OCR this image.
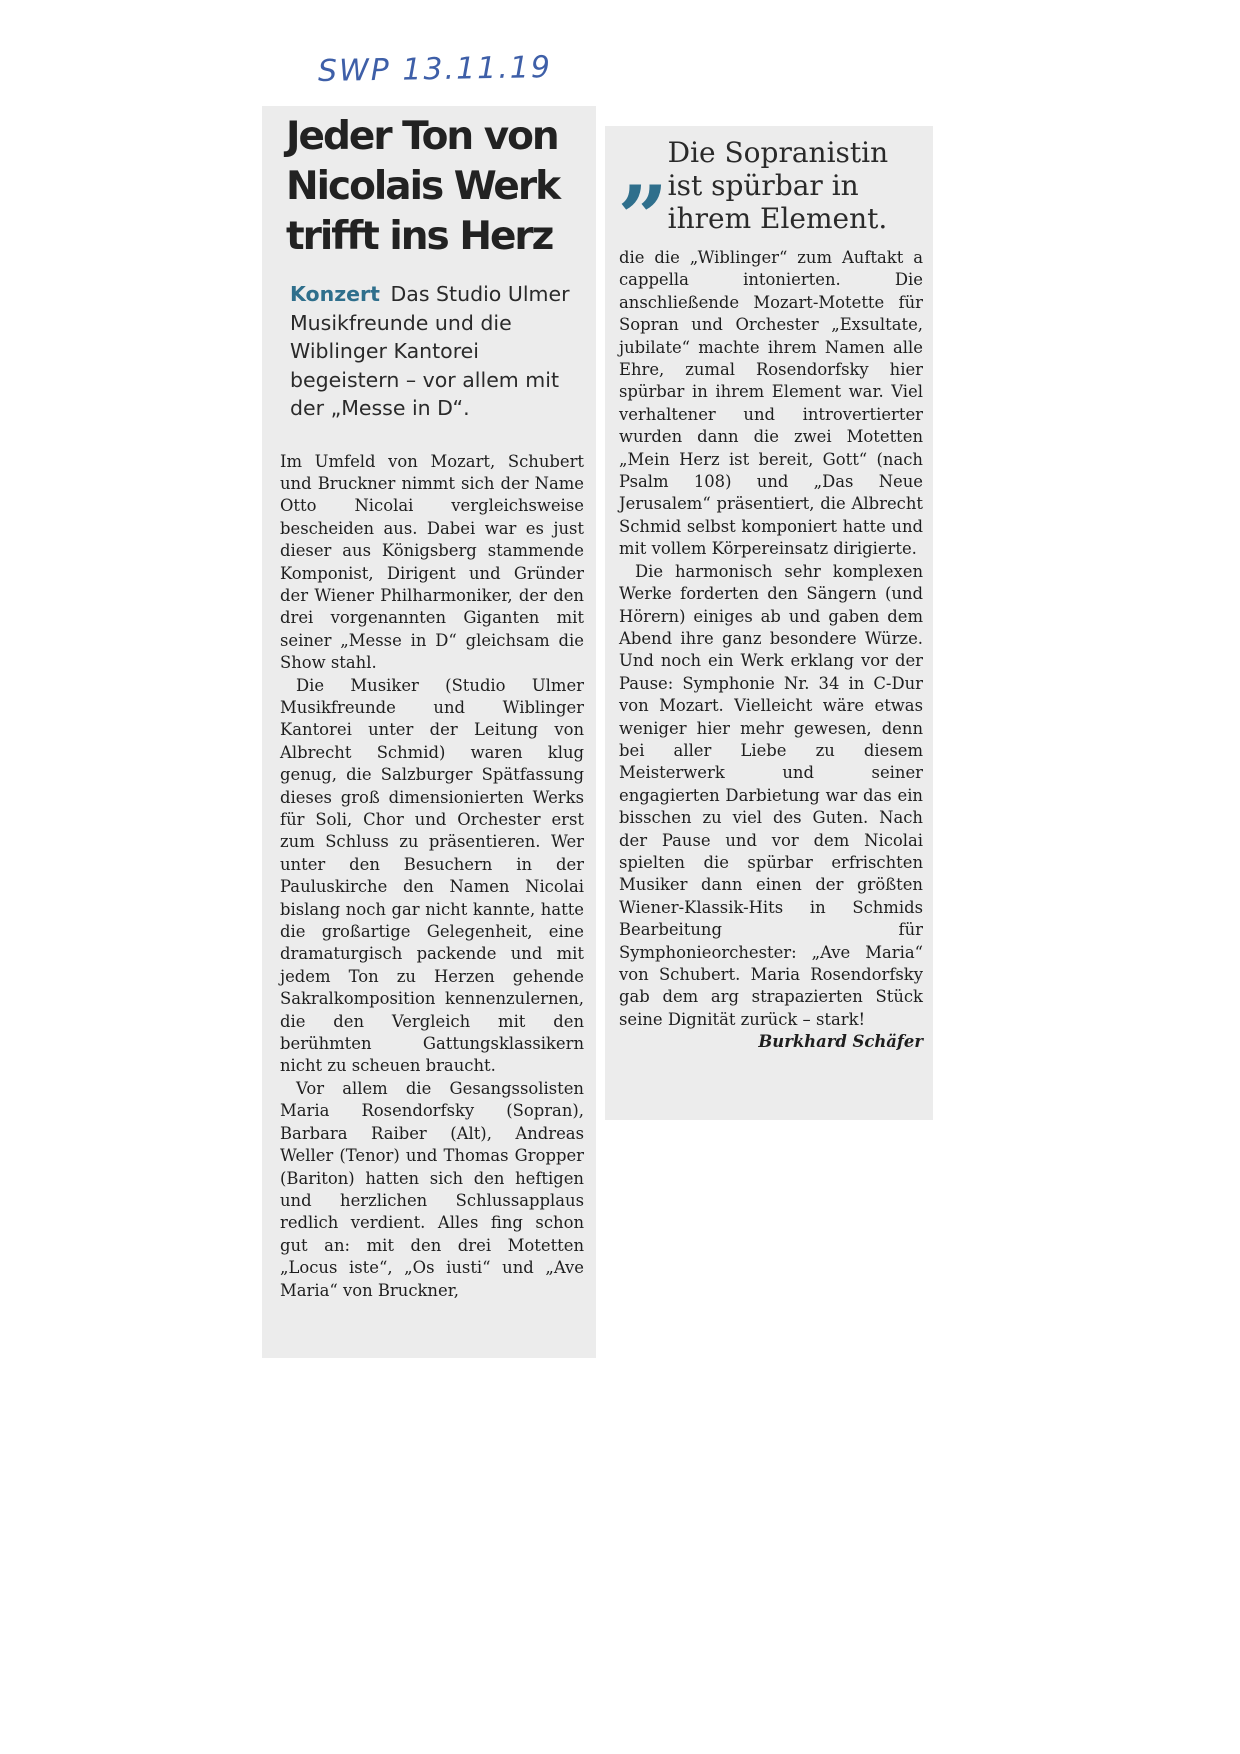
SWP 13.11.19
Jeder Ton von Nicolais Werk trifft ins Herz
Konzert Das Studio Ulmer Musikfreunde und die Wiblinger Kantorei begeistern – vor allem mit der „Messe in D“.

Im Umfeld von Mozart, Schubert und Bruckner nimmt sich der Name Otto Nicolai vergleichsweise bescheiden aus. Dabei war es just dieser aus Königsberg stammende Komponist, Dirigent und Gründer der Wiener Philharmoniker, der den drei vorgenannten Giganten mit seiner „Messe in D“ gleichsam die Show stahl.

Die Musiker (Studio Ulmer Musikfreunde und Wiblinger Kantorei unter der Leitung von Albrecht Schmid) waren klug genug, die Salzburger Spätfassung dieses groß dimensionierten Werks für Soli, Chor und Orchester erst zum Schluss zu präsentieren. Wer unter den Besuchern in der Pauluskirche den Namen Nicolai bislang noch gar nicht kannte, hatte die großartige Gelegenheit, eine dramaturgisch packende und mit jedem Ton zu Herzen gehende Sakralkomposition kennenzulernen, die den Vergleich mit den berühmten Gattungsklassikern nicht zu scheuen braucht.

Vor allem die Gesangssolisten Maria Rosendorfsky (Sopran), Barbara Raiber (Alt), Andreas Weller (Tenor) und Thomas Gropper (Bariton) hatten sich den heftigen und herzlichen Schlussapplaus redlich verdient. Alles fing schon gut an: mit den drei Motetten „Locus iste“, „Os iusti“ und „Ave Maria“ von Bruckner,

„ Die Sopranistin ist spürbar in ihrem Element.

die die „Wiblinger“ zum Auftakt a cappella intonierten. Die anschließende Mozart-Motette für Sopran und Orchester „Exsultate, jubilate“ machte ihrem Namen alle Ehre, zumal Rosendorfsky hier spürbar in ihrem Element war. Viel verhaltener und introvertierter wurden dann die zwei Motetten „Mein Herz ist bereit, Gott“ (nach Psalm 108) und „Das Neue Jerusalem“ präsentiert, die Albrecht Schmid selbst komponiert hatte und mit vollem Körpereinsatz dirigierte.

Die harmonisch sehr komplexen Werke forderten den Sängern (und Hörern) einiges ab und gaben dem Abend ihre ganz besondere Würze. Und noch ein Werk erklang vor der Pause: Symphonie Nr. 34 in C-Dur von Mozart. Vielleicht wäre etwas weniger hier mehr gewesen, denn bei aller Liebe zu diesem Meisterwerk und seiner engagierten Darbietung war das ein bisschen zu viel des Guten. Nach der Pause und vor dem Nicolai spielten die spürbar erfrischten Musiker dann einen der größten Wiener-Klassik-Hits in Schmids Bearbeitung für Symphonieorchester: „Ave Maria“ von Schubert. Maria Rosendorfsky gab dem arg strapazierten Stück seine Dignität zurück – stark!
Burkhard Schäfer
